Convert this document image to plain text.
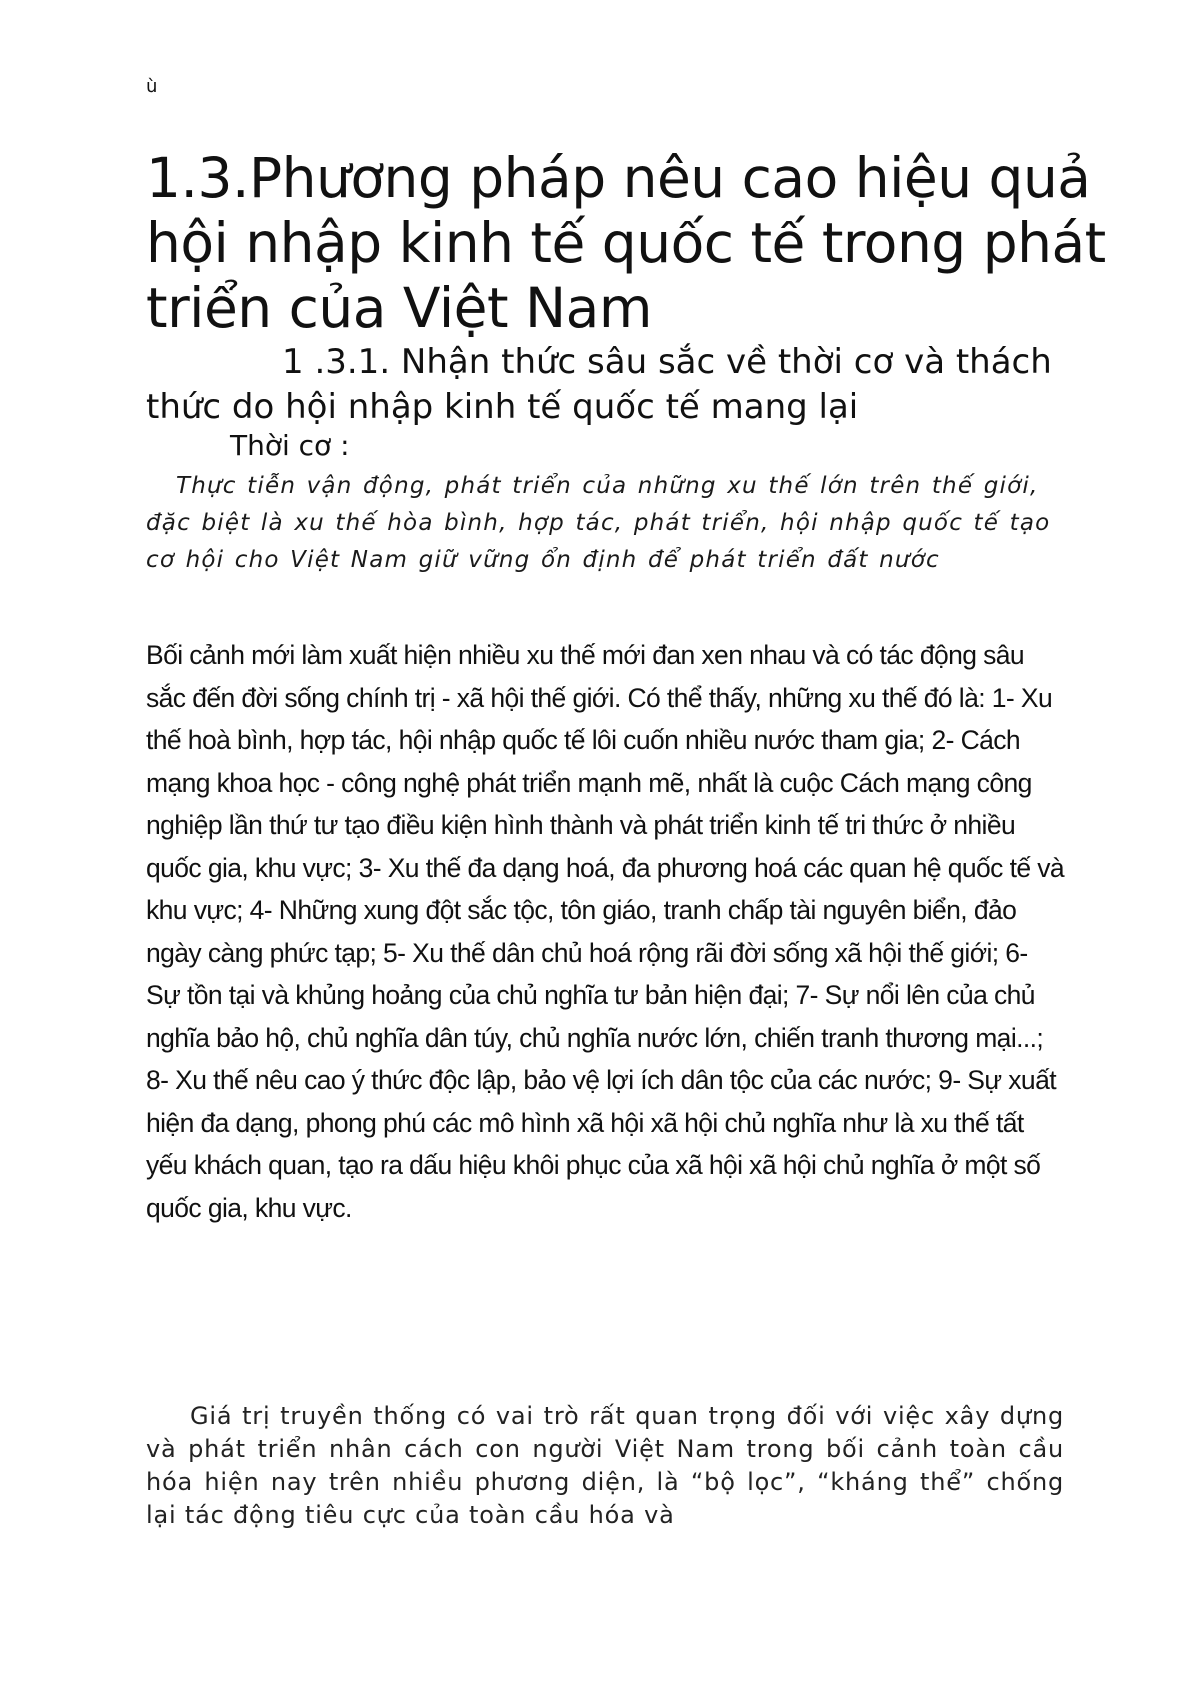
ù
1.3.Phương pháp nêu cao hiệu quả hội nhập kinh tế quốc tế trong phát triển của Việt Nam
1 .3.1. Nhận thức sâu sắc về thời cơ và thách thức do hội nhập kinh tế quốc tế mang lại
Thời cơ :

Thực tiễn vận động, phát triển của những xu thế lớn trên thế giới, đặc biệt là xu thế hòa bình, hợp tác, phát triển, hội nhập quốc tế tạo cơ hội cho Việt Nam giữ vững ổn định để phát triển đất nước

Bối cảnh mới làm xuất hiện nhiều xu thế mới đan xen nhau và có tác động sâu sắc đến đời sống chính trị - xã hội thế giới. Có thể thấy, những xu thế đó là: 1- Xu thế hoà bình, hợp tác, hội nhập quốc tế lôi cuốn nhiều nước tham gia; 2- Cách mạng khoa học - công nghệ phát triển mạnh mẽ, nhất là cuộc Cách mạng công nghiệp lần thứ tư tạo điều kiện hình thành và phát triển kinh tế tri thức ở nhiều quốc gia, khu vực; 3- Xu thế đa dạng hoá, đa phương hoá các quan hệ quốc tế và khu vực; 4- Những xung đột sắc tộc, tôn giáo, tranh chấp tài nguyên biển, đảo ngày càng phức tạp; 5- Xu thế dân chủ hoá rộng rãi đời sống xã hội thế giới; 6- Sự tồn tại và khủng hoảng của chủ nghĩa tư bản hiện đại; 7- Sự nổi lên của chủ nghĩa bảo hộ, chủ nghĩa dân túy, chủ nghĩa nước lớn, chiến tranh thương mại...; 8- Xu thế nêu cao ý thức độc lập, bảo vệ lợi ích dân tộc của các nước; 9- Sự xuất hiện đa dạng, phong phú các mô hình xã hội xã hội chủ nghĩa như là xu thế tất yếu khách quan, tạo ra dấu hiệu khôi phục của xã hội xã hội chủ nghĩa ở một số quốc gia, khu vực.

Giá trị truyền thống có vai trò rất quan trọng đối với việc xây dựng và phát triển nhân cách con người Việt Nam trong bối cảnh toàn cầu hóa hiện nay trên nhiều phương diện, là “bộ lọc”, “kháng thể” chống lại tác động tiêu cực của toàn cầu hóa và
